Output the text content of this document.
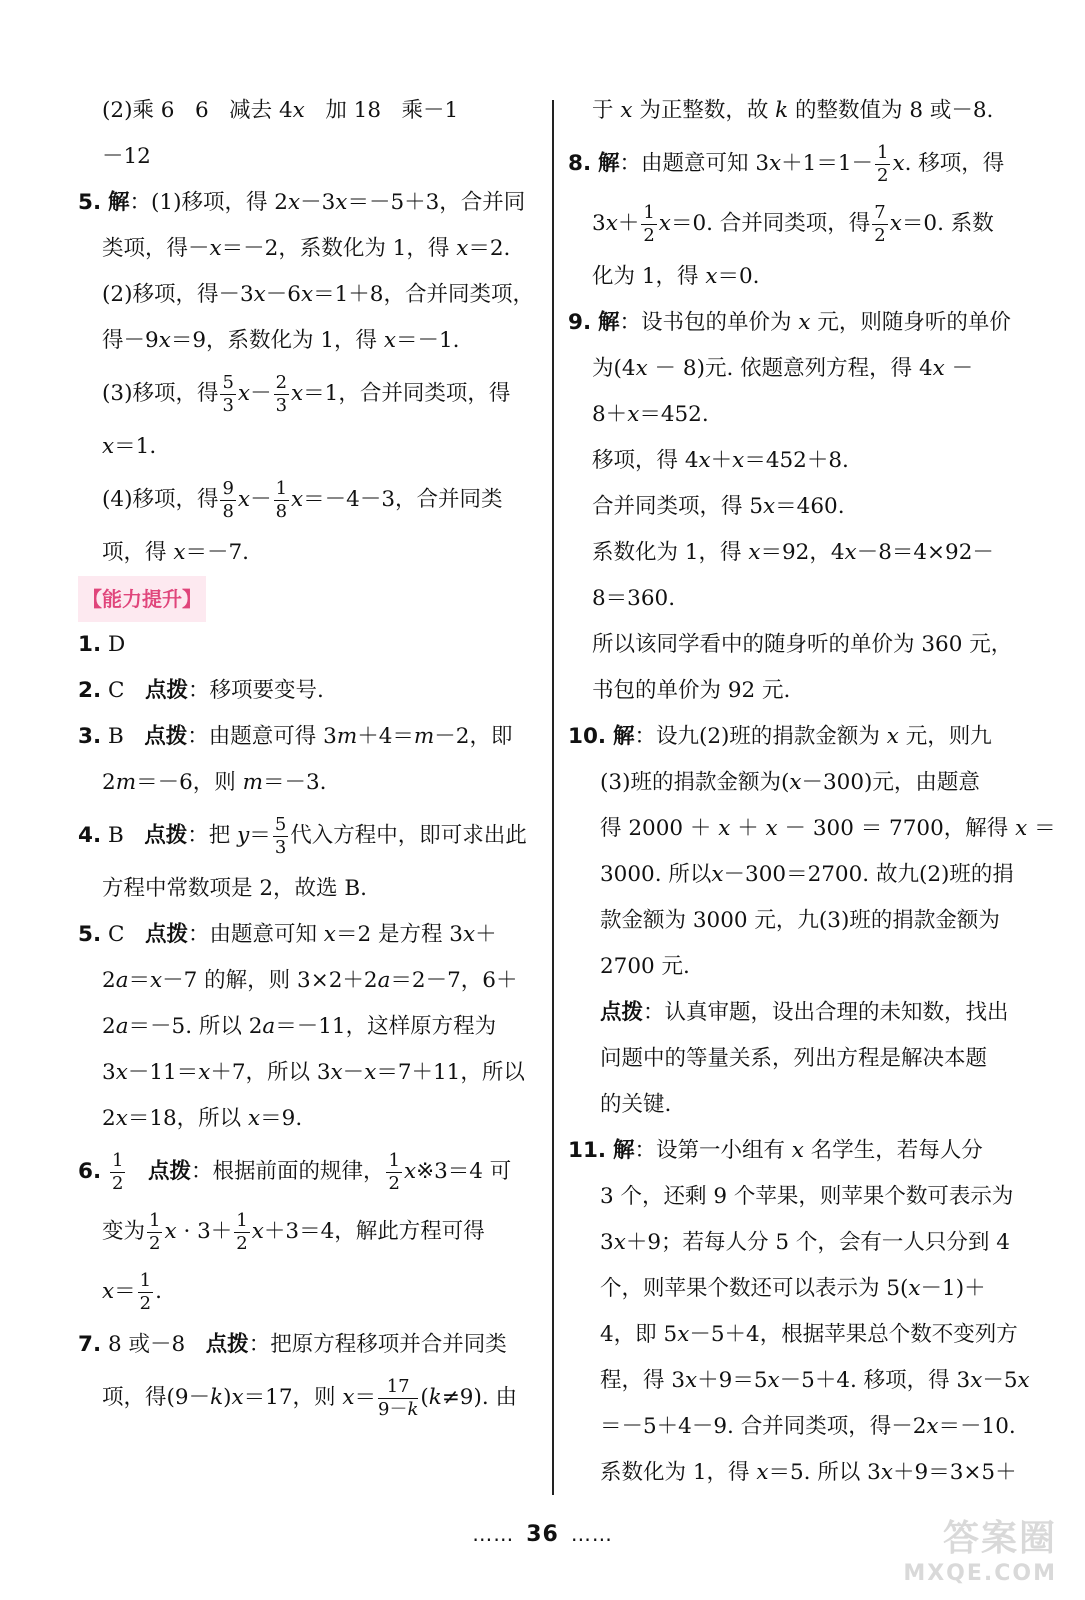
(2)乘 6   6   减去 4x   加 18   乘－1
－12
5. 解：(1)移项，得 2x－3x＝－5＋3，合并同
类项，得－x＝－2，系数化为 1，得 x＝2.
(2)移项，得－3x－6x＝1＋8，合并同类项，
得－9x＝9，系数化为 1，得 x＝－1.
(3)移项，得 $\frac{5}{3} x- \frac{2}{3} x=1$，合并同类项，得
x＝1.
(4)移项，得 $\frac{9}{8} x- \frac{1}{8} x=-4-3$，合并同类
项，得 x＝－7.
【能力提升】
1. D
2. C   点拨：移项要变号.
3. B   点拨：由题意可得 3m＋4＝m－2，即
2m＝－6，则 m＝－3.
4. B   点拨：把 $y= \frac{5}{3}$ 代入方程中，即可求出此
方程中常数项是 2，故选 B.
5. C   点拨：由题意可知 x＝2 是方程 3x＋
2a＝x－7 的解，则 3×2＋2a＝2－7，6＋
2a＝－5. 所以 2a＝－11，这样原方程为
3x－11＝x＋7，所以 3x－x＝7＋11，所以
2x＝18，所以 x＝9.
6. $\frac{1}{2}$ 点拨：根据前面的规律， $\frac{1}{2}$ x※3＝4 可
变为 $\frac{1}{2}$ $x \cdot 3+ \frac{1}{2} x+3=4$，解此方程可得
$x= \frac{1}{2}$ .
7. 8 或－8   点拨：把原方程移项并合并同类
项，得(9－k)x＝17，则 $x= \frac{17}{9-k} (k\ne 9)$. 由
于 x 为正整数，故 k 的整数值为 8 或－8.
8. 解：由题意可知 $3x+1=1- \frac{1}{2} x$. 移项，得
$3x+ \frac{1}{2} x=0$. 合并同类项，得 $\frac{7}{2} x=0$. 系数
化为 1，得 x＝0.
9. 解：设书包的单价为 x 元，则随身听的单价
为(4x － 8)元. 依题意列方程，得 4x －
8＋x＝452.
移项，得 4x＋x＝452＋8.
合并同类项，得 5x＝460.
系数化为 1，得 x＝92，4x－8＝4×92－
8＝360.
所以该同学看中的随身听的单价为 360 元，
书包的单价为 92 元.
10. 解：设九(2)班的捐款金额为 x 元，则九
(3)班的捐款金额为(x－300)元，由题意
得 2000 ＋ x ＋ x － 300 ＝ 7700，解得 x ＝
3000. 所以x－300＝2700. 故九(2)班的捐
款金额为 3000 元，九(3)班的捐款金额为
2700 元.
点拨：认真审题，设出合理的未知数，找出
问题中的等量关系，列出方程是解决本题
的关键.
11. 解：设第一小组有 x 名学生，若每人分
3 个，还剩 9 个苹果，则苹果个数可表示为
3x＋9；若每人分 5 个，会有一人只分到 4
个，则苹果个数还可以表示为 5(x－1)＋
4，即 5x－5＋4，根据苹果总个数不变列方
程，得 3x＋9＝5x－5＋4. 移项，得 3x－5x
＝－5＋4－9. 合并同类项，得－2x＝－10.
系数化为 1，得 x＝5. 所以 3x＋9＝3×5＋
…… 36 ……	答案圈
MXQE.COM
